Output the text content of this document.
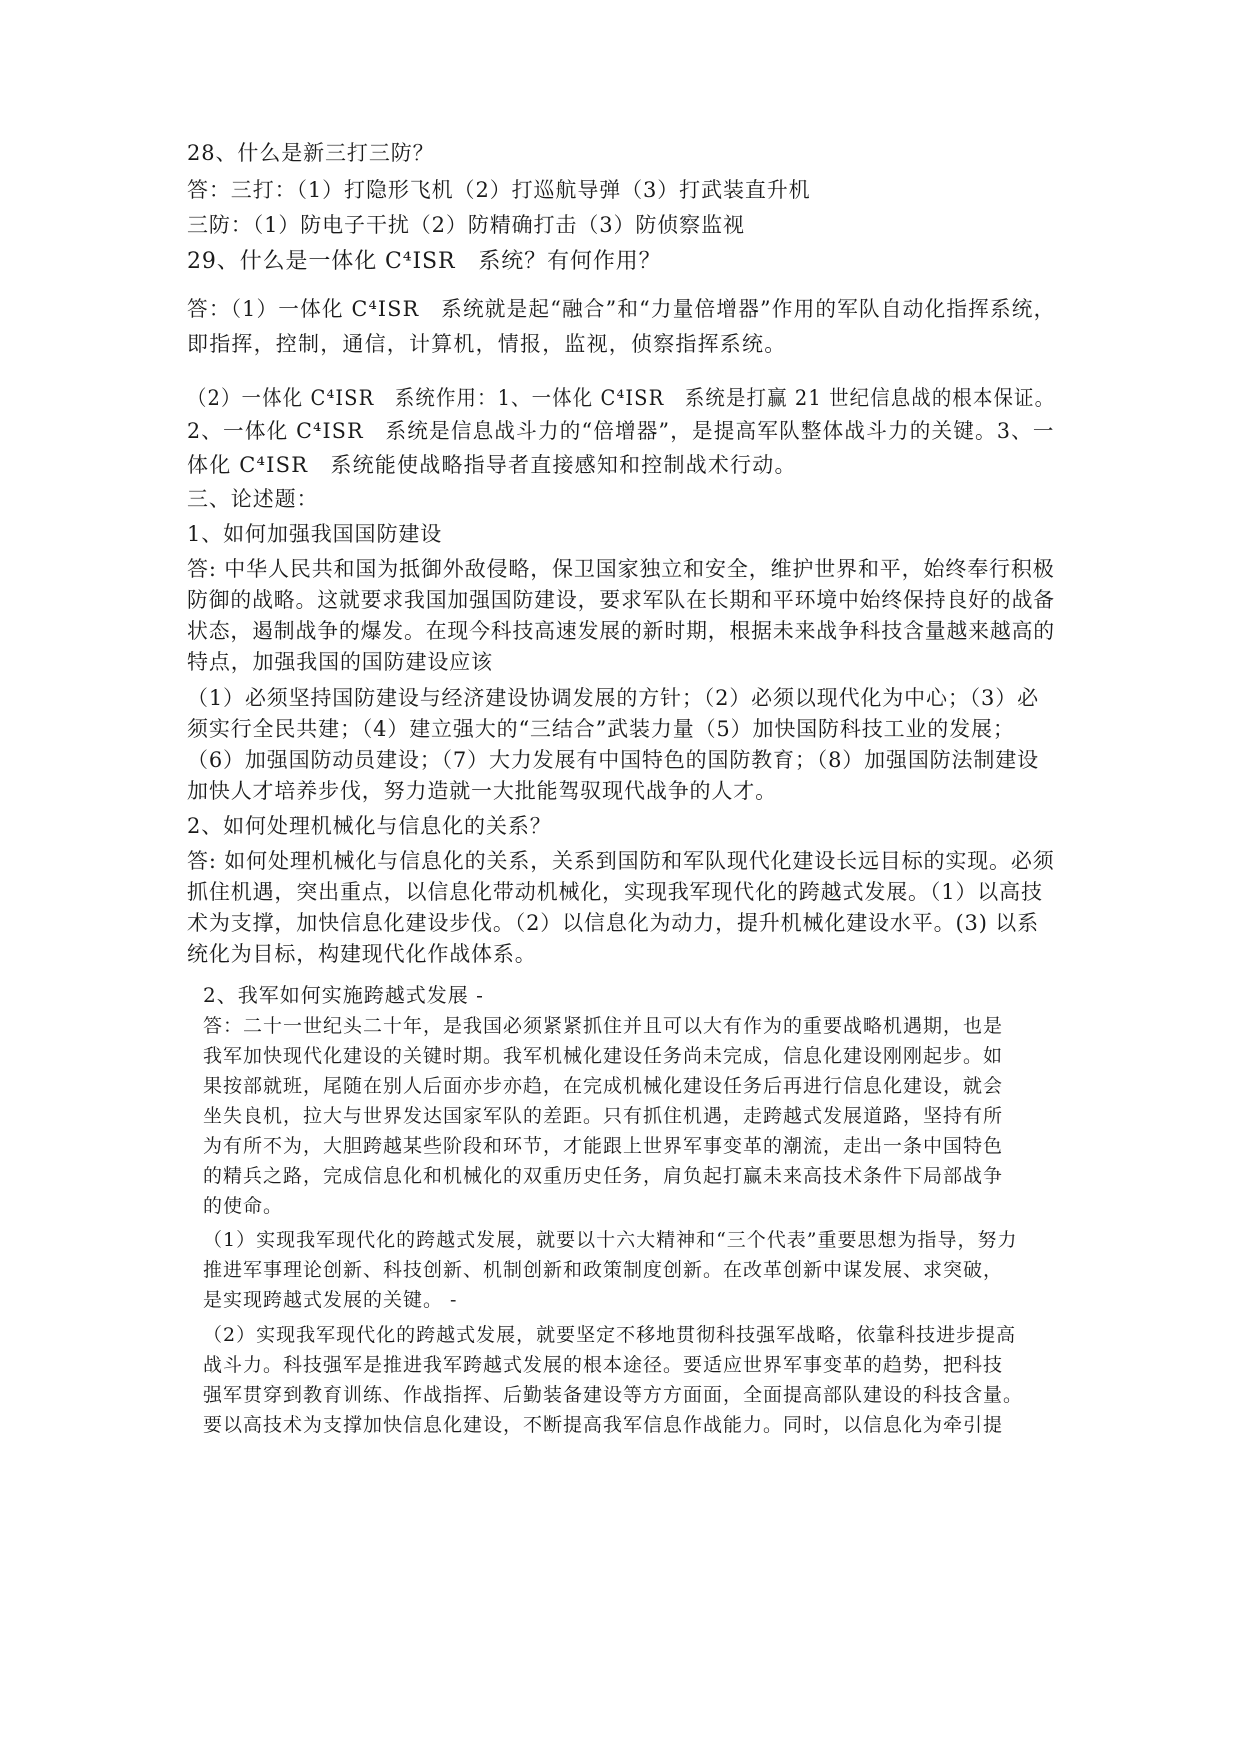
28、什么是新三打三防？
答：三打：（1）打隐形飞机（2）打巡航导弹（3）打武装直升机
三防：（1）防电子干扰（2）防精确打击（3）防侦察监视
29、什么是一体化 C⁴ISR　系统？有何作用？
答：（1）一体化 C⁴ISR　系统就是起“融合”和“力量倍增器”作用的军队自动化指挥系统，
即指挥，控制，通信，计算机，情报，监视，侦察指挥系统。
（2）一体化 C⁴ISR　系统作用：1、一体化 C⁴ISR　系统是打赢 21 世纪信息战的根本保证。
2、一体化 C⁴ISR　系统是信息战斗力的“倍增器”，是提高军队整体战斗力的关键。3、一
体化 C⁴ISR　系统能使战略指导者直接感知和控制战术行动。
三、论述题：
1、如何加强我国国防建设
答: 中华人民共和国为抵御外敌侵略，保卫国家独立和安全，维护世界和平，始终奉行积极
防御的战略。这就要求我国加强国防建设，要求军队在长期和平环境中始终保持良好的战备
状态，遏制战争的爆发。在现今科技高速发展的新时期，根据未来战争科技含量越来越高的
特点，加强我国的国防建设应该
（1）必须坚持国防建设与经济建设协调发展的方针；（2）必须以现代化为中心；（3）必
须实行全民共建；（4）建立强大的“三结合”武装力量（5）加快国防科技工业的发展；
（6）加强国防动员建设；（7）大力发展有中国特色的国防教育；（8）加强国防法制建设
加快人才培养步伐，努力造就一大批能驾驭现代战争的人才。
2、如何处理机械化与信息化的关系？
答: 如何处理机械化与信息化的关系，关系到国防和军队现代化建设长远目标的实现。必须
抓住机遇，突出重点，以信息化带动机械化，实现我军现代化的跨越式发展。（1）以高技
术为支撑，加快信息化建设步伐。（2）以信息化为动力，提升机械化建设水平。(3) 以系
统化为目标，构建现代化作战体系。
2、我军如何实施跨越式发展 -
答：二十一世纪头二十年，是我国必须紧紧抓住并且可以大有作为的重要战略机遇期，也是
我军加快现代化建设的关键时期。我军机械化建设任务尚未完成，信息化建设刚刚起步。如
果按部就班，尾随在别人后面亦步亦趋，在完成机械化建设任务后再进行信息化建设，就会
坐失良机，拉大与世界发达国家军队的差距。只有抓住机遇，走跨越式发展道路，坚持有所
为有所不为，大胆跨越某些阶段和环节，才能跟上世界军事变革的潮流，走出一条中国特色
的精兵之路，完成信息化和机械化的双重历史任务，肩负起打赢未来高技术条件下局部战争
的使命。
（1）实现我军现代化的跨越式发展，就要以十六大精神和“三个代表”重要思想为指导，努力
推进军事理论创新、科技创新、机制创新和政策制度创新。在改革创新中谋发展、求突破，
是实现跨越式发展的关键。 -
（2）实现我军现代化的跨越式发展，就要坚定不移地贯彻科技强军战略，依靠科技进步提高
战斗力。科技强军是推进我军跨越式发展的根本途径。要适应世界军事变革的趋势，把科技
强军贯穿到教育训练、作战指挥、后勤装备建设等方方面面，全面提高部队建设的科技含量。
要以高技术为支撑加快信息化建设，不断提高我军信息作战能力。同时，以信息化为牵引提
